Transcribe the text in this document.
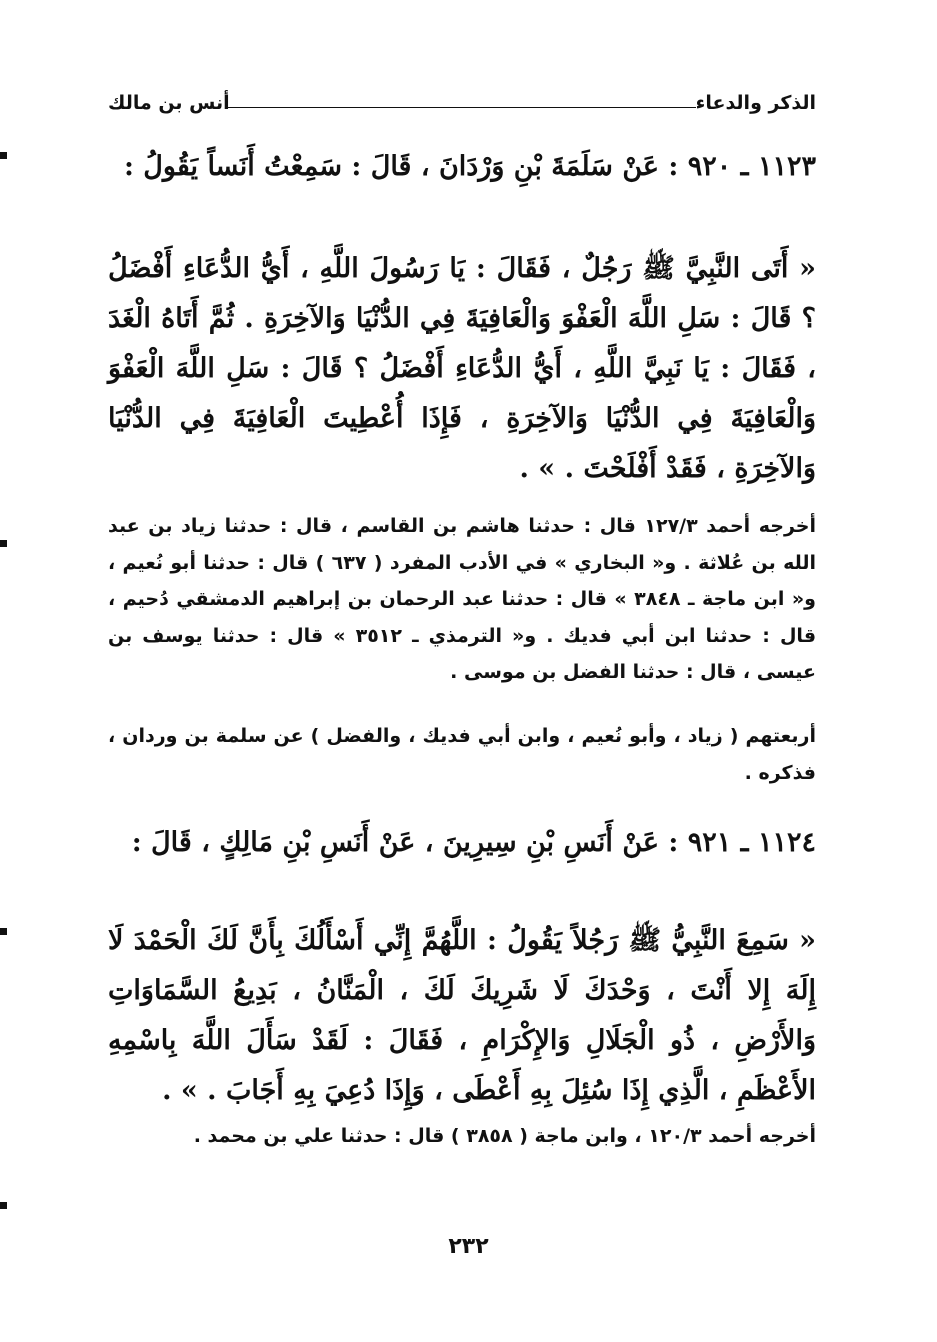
الذكر والدعاء
أنس بن مالك
١١٢٣ ـ ٩٢٠ : عَنْ سَلَمَةَ بْنِ وَرْدَانَ ، قَالَ : سَمِعْتُ أَنَساً يَقُولُ :
« أَتَى النَّبِيَّ ﷺ رَجُلٌ ، فَقَالَ : يَا رَسُولَ اللَّهِ ، أَيُّ الدُّعَاءِ أَفْضَلُ ؟ قَالَ : سَلِ اللَّهَ الْعَفْوَ وَالْعَافِيَةَ فِي الدُّنْيَا وَالآخِرَةِ . ثُمَّ أَتَاهُ الْغَدَ ، فَقَالَ : يَا نَبِيَّ اللَّهِ ، أَيُّ الدُّعَاءِ أَفْضَلُ ؟ قَالَ : سَلِ اللَّهَ الْعَفْوَ وَالْعَافِيَةَ فِي الدُّنْيَا وَالآخِرَةِ ، فَإِذَا أُعْطِيتَ الْعَافِيَةَ فِي الدُّنْيَا وَالآخِرَةِ ، فَقَدْ أَفْلَحْتَ . » .
أخرجه أحمد ١٢٧/٣ قال : حدثنا هاشم بن القاسم ، قال : حدثنا زياد بن عبد الله بن عُلاثة . و« البخاري » في الأدب المفرد ( ٦٣٧ ) قال : حدثنا أبو نُعيم ، و« ابن ماجة ـ ٣٨٤٨ » قال : حدثنا عبد الرحمان بن إبراهيم الدمشقي دُحيم ، قال : حدثنا ابن أبي فديك . و« الترمذي ـ ٣٥١٢ » قال : حدثنا يوسف بن عيسى ، قال : حدثنا الفضل بن موسى .
أربعتهم ( زياد ، وأبو نُعيم ، وابن أبي فديك ، والفضل ) عن سلمة بن وردان ، فذكره .
١١٢٤ ـ ٩٢١ : عَنْ أَنَسِ بْنِ سِيرِينَ ، عَنْ أَنَسِ بْنِ مَالِكٍ ، قَالَ :
« سَمِعَ النَّبِيُّ ﷺ رَجُلاً يَقُولُ : اللَّهُمَّ إِنِّي أَسْأَلُكَ بِأَنَّ لَكَ الْحَمْدَ لَا إِلَهَ إِلا أَنْتَ ، وَحْدَكَ لَا شَرِيكَ لَكَ ، الْمَنَّانُ ، بَدِيعُ السَّمَاوَاتِ وَالأَرْضِ ، ذُو الْجَلَالِ وَالإِكْرَامِ ، فَقَالَ : لَقَدْ سَأَلَ اللَّهَ بِاسْمِهِ الأَعْظَمِ ، الَّذِي إِذَا سُئِلَ بِهِ أَعْطَى ، وَإِذَا دُعِيَ بِهِ أَجَابَ . » .
أخرجه أحمد ١٢٠/٣ ، وابن ماجة ( ٣٨٥٨ ) قال : حدثنا علي بن محمد .
٢٣٢
